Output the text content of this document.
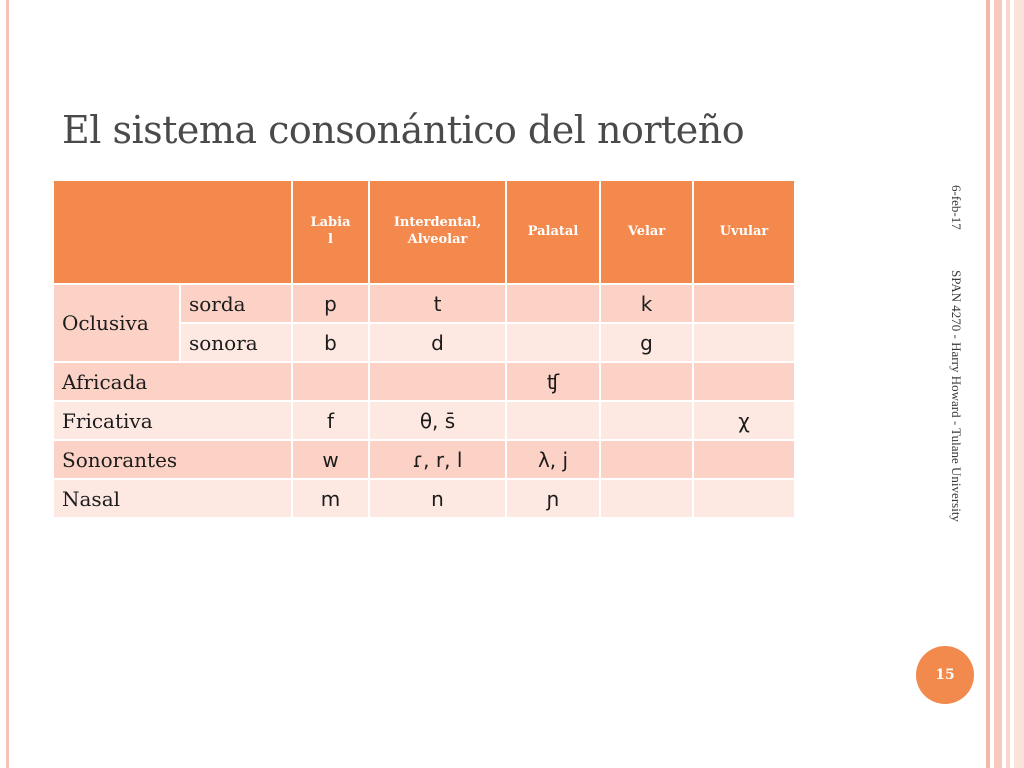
El sistema consonántico del norteño
6-feb-17
SPAN 4270 - Harry Howard - Tulane University
15

		Labial	Interdental, Alveolar	Palatal	Velar	Uvular
Oclusiva	sorda	p	t		k	
	sonora	b	d		g	
Africada				ʧ		
Fricativa		f	θ, s̄			χ
Sonorantes		w	ɾ, r, l	λ, j		
Nasal		m	n	ɲ		
